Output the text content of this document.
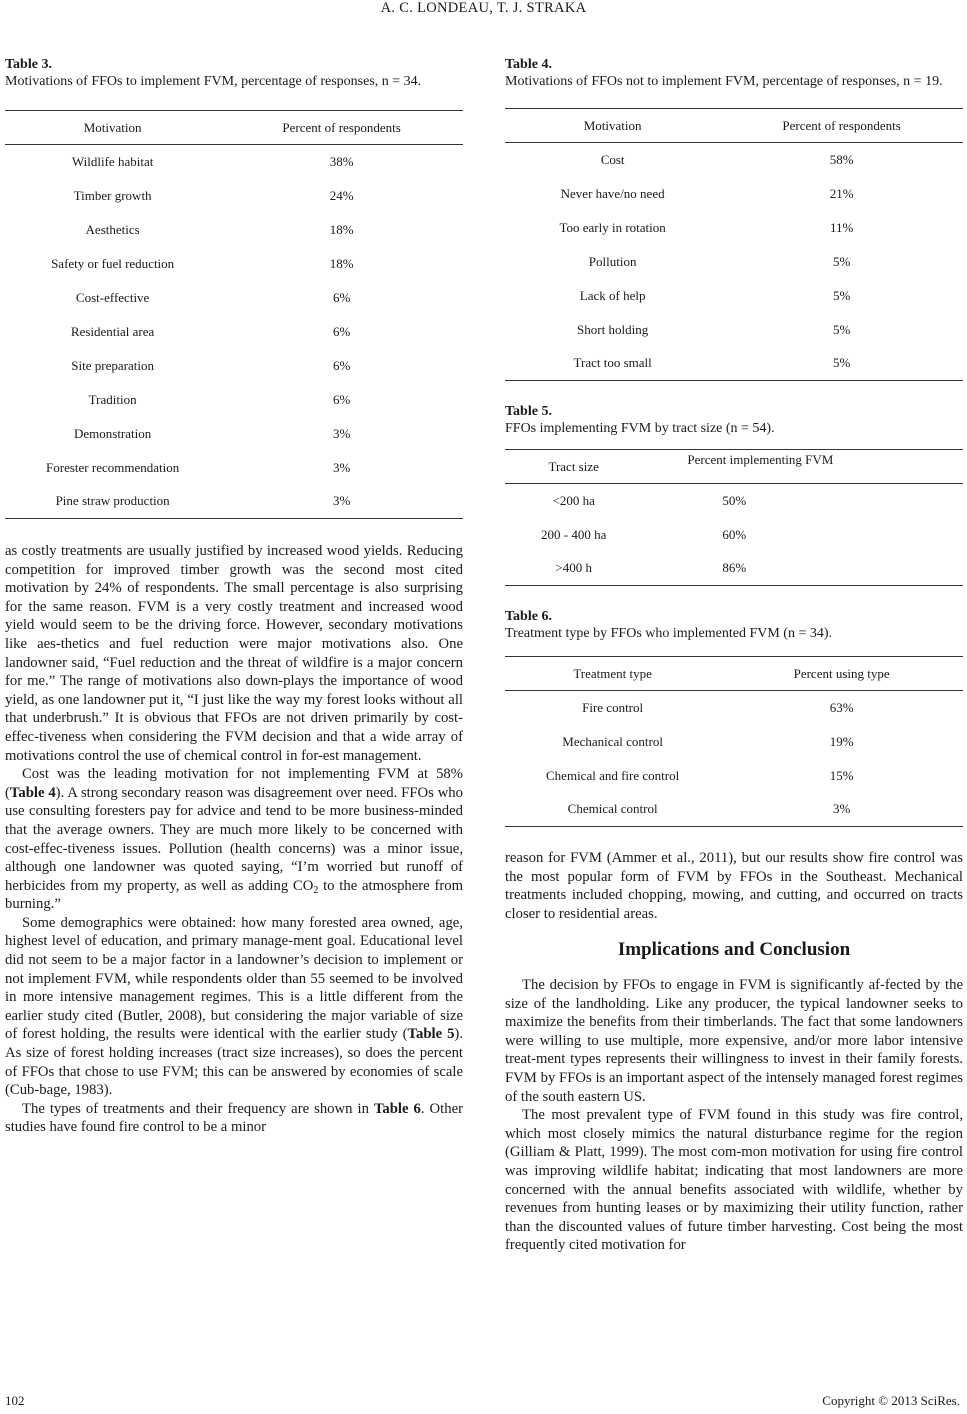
A. C. LONDEAU, T. J. STRAKA
Table 3.
Motivations of FFOs to implement FVM, percentage of responses, n = 34.
Motivation	Percent of respondents
Wildlife habitat	38%
Timber growth	24%
Aesthetics	18%
Safety or fuel reduction	18%
Cost-effective	6%
Residential area	6%
Site preparation	6%
Tradition	6%
Demonstration	3%
Forester recommendation	3%
Pine straw production	3%

as costly treatments are usually justified by increased wood yields. Reducing competition for improved timber growth was the second most cited motivation by 24% of respondents. The small percentage is also surprising for the same reason. FVM is a very costly treatment and increased wood yield would seem to be the driving force. However, secondary motivations like aes-thetics and fuel reduction were major motivations also. One landowner said, “Fuel reduction and the threat of wildfire is a major concern for me.” The range of motivations also down-plays the importance of wood yield, as one landowner put it, “I just like the way my forest looks without all that underbrush.” It is obvious that FFOs are not driven primarily by cost-effec-tiveness when considering the FVM decision and that a wide array of motivations control the use of chemical control in for-est management.

Cost was the leading motivation for not implementing FVM at 58% (Table 4). A strong secondary reason was disagreement over need. FFOs who use consulting foresters pay for advice and tend to be more business-minded that the average owners. They are much more likely to be concerned with cost-effec-tiveness issues. Pollution (health concerns) was a minor issue, although one landowner was quoted saying, “I’m worried but runoff of herbicides from my property, as well as adding $CO_2$ to the atmosphere from burning.”

Some demographics were obtained: how many forested area owned, age, highest level of education, and primary manage-ment goal. Educational level did not seem to be a major factor in a landowner’s decision to implement or not implement FVM, while respondents older than 55 seemed to be involved in more intensive management regimes. This is a little different from the earlier study cited (Butler, 2008), but considering the major variable of size of forest holding, the results were identical with the earlier study (Table 5). As size of forest holding increases (tract size increases), so does the percent of FFOs that chose to use FVM; this can be answered by economies of scale (Cub-bage, 1983).

The types of treatments and their frequency are shown in Table 6. Other studies have found fire control to be a minor

Table 4.
Motivations of FFOs not to implement FVM, percentage of responses, n = 19.
Motivation	Percent of respondents
Cost	58%
Never have/no need	21%
Too early in rotation	11%
Pollution	5%
Lack of help	5%
Short holding	5%
Tract too small	5%
Table 5.
FFOs implementing FVM by tract size (n = 54).
Tract size	Percent implementing FVM
<200 ha	50%
200 - 400 ha	60%
>400 h	86%
Table 6.
Treatment type by FFOs who implemented FVM (n = 34).
Treatment type	Percent using type
Fire control	63%
Mechanical control	19%
Chemical and fire control	15%
Chemical control	3%

reason for FVM (Ammer et al., 2011), but our results show fire control was the most popular form of FVM by FFOs in the Southeast. Mechanical treatments included chopping, mowing, and cutting, and occurred on tracts closer to residential areas.

Implications and Conclusion

The decision by FFOs to engage in FVM is significantly af-fected by the size of the landholding. Like any producer, the typical landowner seeks to maximize the benefits from their timberlands. The fact that some landowners were willing to use multiple, more expensive, and/or more labor intensive treat-ment types represents their willingness to invest in their family forests. FVM by FFOs is an important aspect of the intensely managed forest regimes of the south eastern US.

The most prevalent type of FVM found in this study was fire control, which most closely mimics the natural disturbance regime for the region (Gilliam & Platt, 1999). The most com-mon motivation for using fire control was improving wildlife habitat; indicating that most landowners are more concerned with the annual benefits associated with wildlife, whether by revenues from hunting leases or by maximizing their utility function, rather than the discounted values of future timber harvesting. Cost being the most frequently cited motivation for

102	Copyright © 2013 SciRes.
